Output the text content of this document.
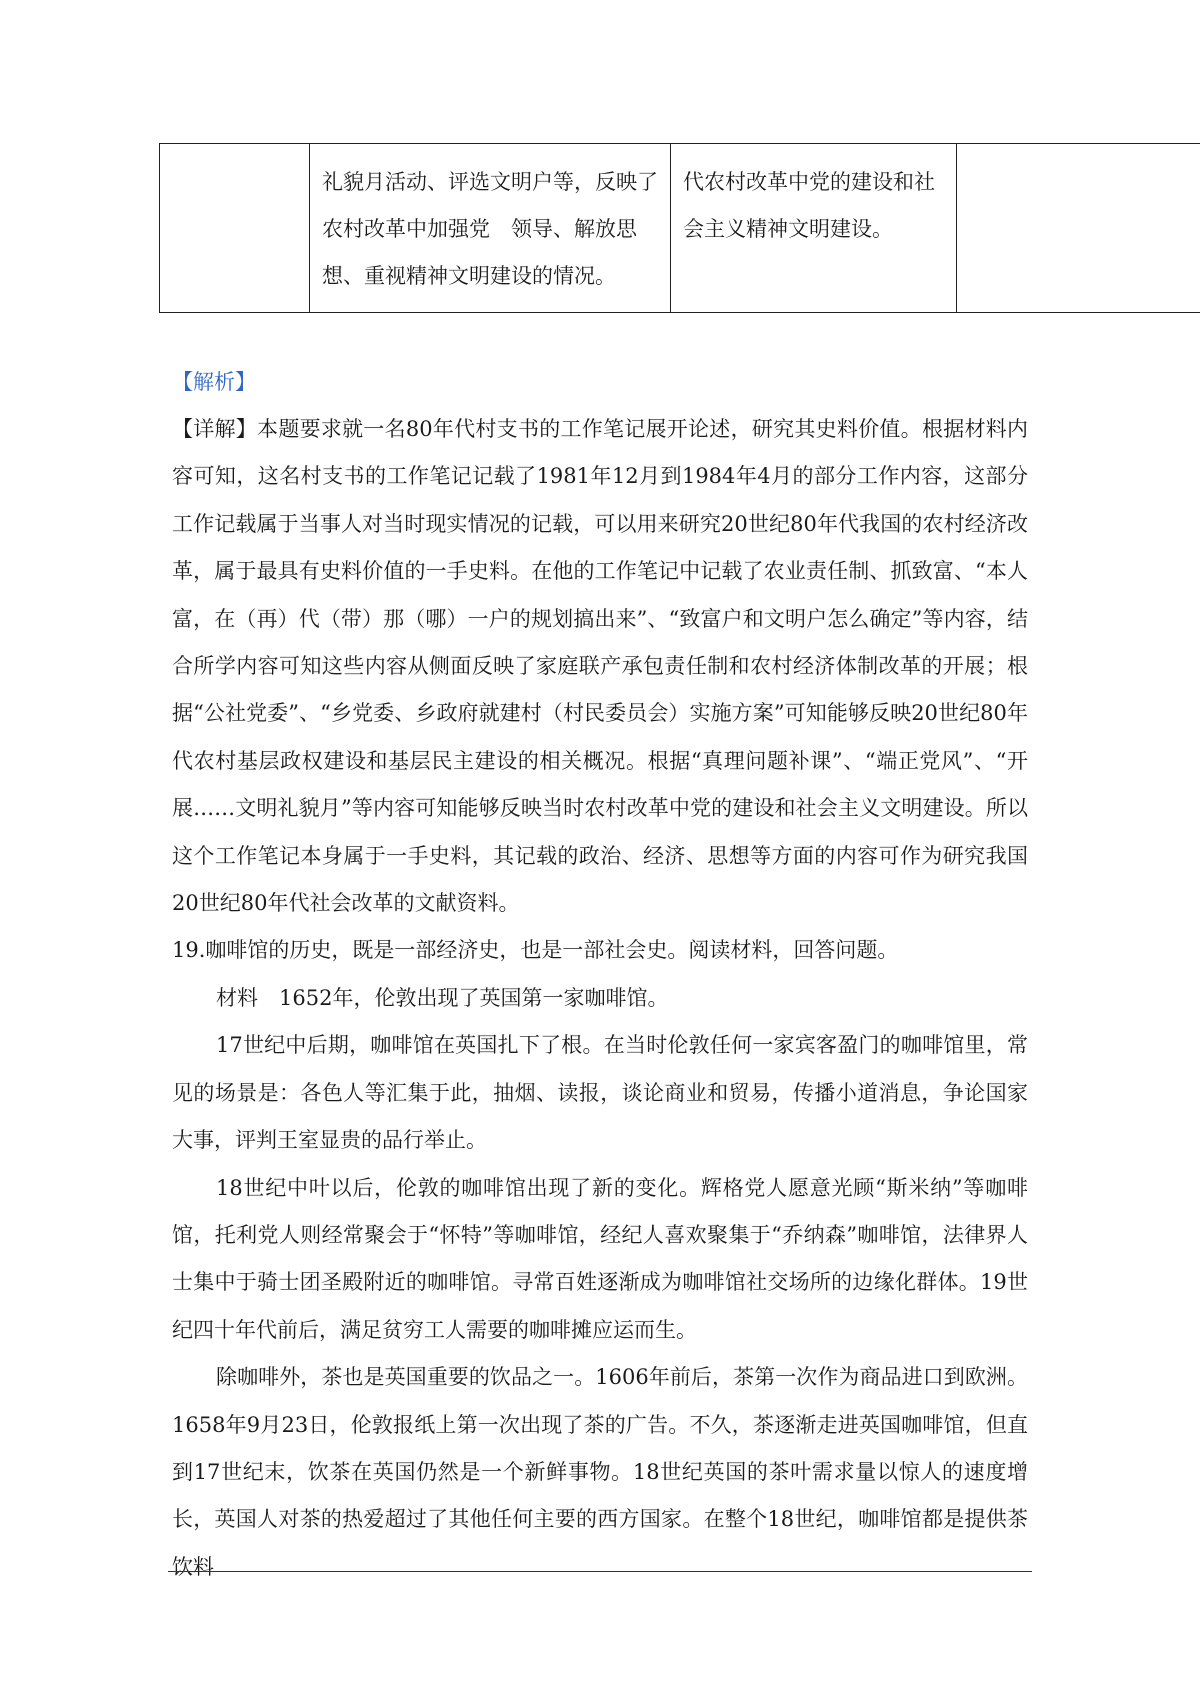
	礼貌月活动、评选文明户等，反映了农村改革中加强党　领导、解放思想、重视精神文明建设的情况。	代农村改革中党的建设和社会主义精神文明建设。	

【解析】

【详解】本题要求就一名80年代村支书的工作笔记展开论述，研究其史料价值。根据材料内容可知，这名村支书的工作笔记记载了1981年12月到1984年4月的部分工作内容，这部分工作记载属于当事人对当时现实情况的记载，可以用来研究20世纪80年代我国的农村经济改革，属于最具有史料价值的一手史料。在他的工作笔记中记载了农业责任制、抓致富、“本人富，在（再）代（带）那（哪）一户的规划搞出来”、“致富户和文明户怎么确定”等内容，结合所学内容可知这些内容从侧面反映了家庭联产承包责任制和农村经济体制改革的开展；根据“公社党委”、“乡党委、乡政府就建村（村民委员会）实施方案”可知能够反映20世纪80年代农村基层政权建设和基层民主建设的相关概况。根据“真理问题补课”、“端正党风”、“开展……文明礼貌月”等内容可知能够反映当时农村改革中党的建设和社会主义文明建设。所以这个工作笔记本身属于一手史料，其记载的政治、经济、思想等方面的内容可作为研究我国20世纪80年代社会改革的文献资料。

19.咖啡馆的历史，既是一部经济史，也是一部社会史。阅读材料，回答问题。

材料　1652年，伦敦出现了英国第一家咖啡馆。

17世纪中后期，咖啡馆在英国扎下了根。在当时伦敦任何一家宾客盈门的咖啡馆里，常见的场景是：各色人等汇集于此，抽烟、读报，谈论商业和贸易，传播小道消息，争论国家大事，评判王室显贵的品行举止。

18世纪中叶以后，伦敦的咖啡馆出现了新的变化。辉格党人愿意光顾“斯米纳”等咖啡馆，托利党人则经常聚会于“怀特”等咖啡馆，经纪人喜欢聚集于“乔纳森”咖啡馆，法律界人士集中于骑士团圣殿附近的咖啡馆。寻常百姓逐渐成为咖啡馆社交场所的边缘化群体。19世纪四十年代前后，满足贫穷工人需要的咖啡摊应运而生。

除咖啡外，茶也是英国重要的饮品之一。1606年前后，茶第一次作为商品进口到欧洲。1658年9月23日，伦敦报纸上第一次出现了茶的广告。不久，茶逐渐走进英国咖啡馆，但直到17世纪末，饮茶在英国仍然是一个新鲜事物。18世纪英国的茶叶需求量以惊人的速度增长，英国人对茶的热爱超过了其他任何主要的西方国家。在整个18世纪，咖啡馆都是提供茶饮料
